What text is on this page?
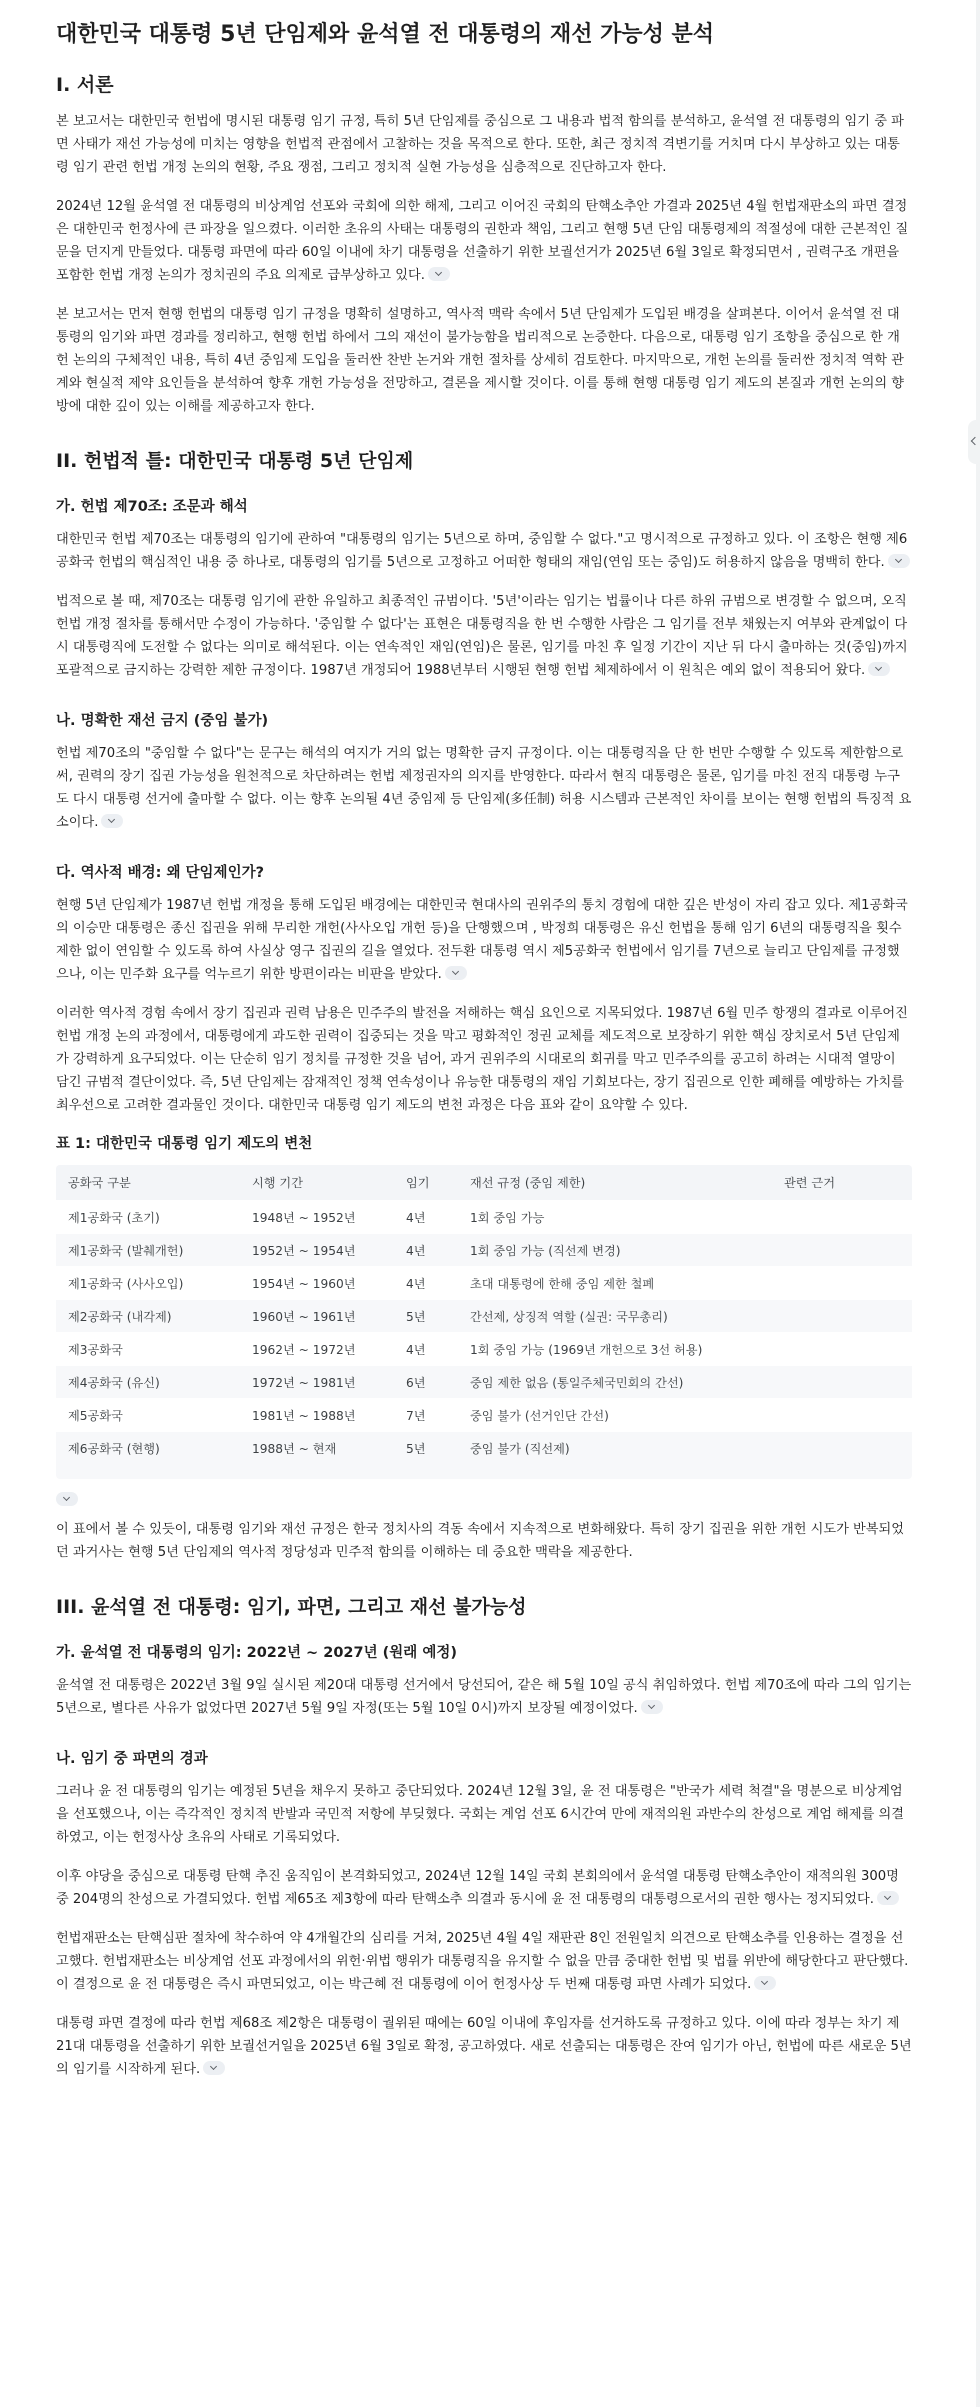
대한민국 대통령 5년 단임제와 윤석열 전 대통령의 재선 가능성 분석
I. 서론

본 보고서는 대한민국 헌법에 명시된 대통령 임기 규정, 특히 5년 단임제를 중심으로 그 내용과 법적 함의를 분석하고, 윤석열 전 대통령의 임기 중 파면 사태가 재선 가능성에 미치는 영향을 헌법적 관점에서 고찰하는 것을 목적으로 한다. 또한, 최근 정치적 격변기를 거치며 다시 부상하고 있는 대통령 임기 관련 헌법 개정 논의의 현황, 주요 쟁점, 그리고 정치적 실현 가능성을 심층적으로 진단하고자 한다.

2024년 12월 윤석열 전 대통령의 비상계엄 선포와 국회에 의한 해제, 그리고 이어진 국회의 탄핵소추안 가결과 2025년 4월 헌법재판소의 파면 결정은 대한민국 헌정사에 큰 파장을 일으켰다. 이러한 초유의 사태는 대통령의 권한과 책임, 그리고 현행 5년 단임 대통령제의 적절성에 대한 근본적인 질문을 던지게 만들었다. 대통령 파면에 따라 60일 이내에 차기 대통령을 선출하기 위한 보궐선거가 2025년 6월 3일로 확정되면서 , 권력구조 개편을 포함한 헌법 개정 논의가 정치권의 주요 의제로 급부상하고 있다.

본 보고서는 먼저 현행 헌법의 대통령 임기 규정을 명확히 설명하고, 역사적 맥락 속에서 5년 단임제가 도입된 배경을 살펴본다. 이어서 윤석열 전 대통령의 임기와 파면 경과를 정리하고, 현행 헌법 하에서 그의 재선이 불가능함을 법리적으로 논증한다. 다음으로, 대통령 임기 조항을 중심으로 한 개헌 논의의 구체적인 내용, 특히 4년 중임제 도입을 둘러싼 찬반 논거와 개헌 절차를 상세히 검토한다. 마지막으로, 개헌 논의를 둘러싼 정치적 역학 관계와 현실적 제약 요인들을 분석하여 향후 개헌 가능성을 전망하고, 결론을 제시할 것이다. 이를 통해 현행 대통령 임기 제도의 본질과 개헌 논의의 향방에 대한 깊이 있는 이해를 제공하고자 한다.

II. 헌법적 틀: 대한민국 대통령 5년 단임제
가. 헌법 제70조: 조문과 해석

대한민국 헌법 제70조는 대통령의 임기에 관하여 "대통령의 임기는 5년으로 하며, 중임할 수 없다."고 명시적으로 규정하고 있다. 이 조항은 현행 제6공화국 헌법의 핵심적인 내용 중 하나로, 대통령의 임기를 5년으로 고정하고 어떠한 형태의 재임(연임 또는 중임)도 허용하지 않음을 명백히 한다.

법적으로 볼 때, 제70조는 대통령 임기에 관한 유일하고 최종적인 규범이다. '5년'이라는 임기는 법률이나 다른 하위 규범으로 변경할 수 없으며, 오직 헌법 개정 절차를 통해서만 수정이 가능하다. '중임할 수 없다'는 표현은 대통령직을 한 번 수행한 사람은 그 임기를 전부 채웠는지 여부와 관계없이 다시 대통령직에 도전할 수 없다는 의미로 해석된다. 이는 연속적인 재임(연임)은 물론, 임기를 마친 후 일정 기간이 지난 뒤 다시 출마하는 것(중임)까지 포괄적으로 금지하는 강력한 제한 규정이다. 1987년 개정되어 1988년부터 시행된 현행 헌법 체제하에서 이 원칙은 예외 없이 적용되어 왔다.

나. 명확한 재선 금지 (중임 불가)

헌법 제70조의 "중임할 수 없다"는 문구는 해석의 여지가 거의 없는 명확한 금지 규정이다. 이는 대통령직을 단 한 번만 수행할 수 있도록 제한함으로써, 권력의 장기 집권 가능성을 원천적으로 차단하려는 헌법 제정권자의 의지를 반영한다. 따라서 현직 대통령은 물론, 임기를 마친 전직 대통령 누구도 다시 대통령 선거에 출마할 수 없다. 이는 향후 논의될 4년 중임제 등 단임제(多任制) 허용 시스템과 근본적인 차이를 보이는 현행 헌법의 특징적 요소이다.

다. 역사적 배경: 왜 단임제인가?

현행 5년 단임제가 1987년 헌법 개정을 통해 도입된 배경에는 대한민국 현대사의 권위주의 통치 경험에 대한 깊은 반성이 자리 잡고 있다. 제1공화국의 이승만 대통령은 종신 집권을 위해 무리한 개헌(사사오입 개헌 등)을 단행했으며 , 박정희 대통령은 유신 헌법을 통해 임기 6년의 대통령직을 횟수 제한 없이 연임할 수 있도록 하여 사실상 영구 집권의 길을 열었다. 전두환 대통령 역시 제5공화국 헌법에서 임기를 7년으로 늘리고 단임제를 규정했으나, 이는 민주화 요구를 억누르기 위한 방편이라는 비판을 받았다.

이러한 역사적 경험 속에서 장기 집권과 권력 남용은 민주주의 발전을 저해하는 핵심 요인으로 지목되었다. 1987년 6월 민주 항쟁의 결과로 이루어진 헌법 개정 논의 과정에서, 대통령에게 과도한 권력이 집중되는 것을 막고 평화적인 정권 교체를 제도적으로 보장하기 위한 핵심 장치로서 5년 단임제가 강력하게 요구되었다. 이는 단순히 임기 정치를 규정한 것을 넘어, 과거 권위주의 시대로의 회귀를 막고 민주주의를 공고히 하려는 시대적 열망이 담긴 규범적 결단이었다. 즉, 5년 단임제는 잠재적인 정책 연속성이나 유능한 대통령의 재임 기회보다는, 장기 집권으로 인한 폐해를 예방하는 가치를 최우선으로 고려한 결과물인 것이다. 대한민국 대통령 임기 제도의 변천 과정은 다음 표와 같이 요약할 수 있다.

표 1: 대한민국 대통령 임기 제도의 변천
공화국 구분	시행 기간	임기	재선 규정 (중임 제한)	관련 근거
제1공화국 (초기)	1948년 ~ 1952년	4년	1회 중임 가능	
제1공화국 (발췌개헌)	1952년 ~ 1954년	4년	1회 중임 가능 (직선제 변경)	
제1공화국 (사사오입)	1954년 ~ 1960년	4년	초대 대통령에 한해 중임 제한 철폐	
제2공화국 (내각제)	1960년 ~ 1961년	5년	간선제, 상징적 역할 (실권: 국무총리)	
제3공화국	1962년 ~ 1972년	4년	1회 중임 가능 (1969년 개헌으로 3선 허용)	
제4공화국 (유신)	1972년 ~ 1981년	6년	중임 제한 없음 (통일주체국민회의 간선)	
제5공화국	1981년 ~ 1988년	7년	중임 불가 (선거인단 간선)	
제6공화국 (현행)	1988년 ~ 현재	5년	중임 불가 (직선제)	

이 표에서 볼 수 있듯이, 대통령 임기와 재선 규정은 한국 정치사의 격동 속에서 지속적으로 변화해왔다. 특히 장기 집권을 위한 개헌 시도가 반복되었던 과거사는 현행 5년 단임제의 역사적 정당성과 민주적 함의를 이해하는 데 중요한 맥락을 제공한다.

III. 윤석열 전 대통령: 임기, 파면, 그리고 재선 불가능성
가. 윤석열 전 대통령의 임기: 2022년 ~ 2027년 (원래 예정)

윤석열 전 대통령은 2022년 3월 9일 실시된 제20대 대통령 선거에서 당선되어, 같은 해 5월 10일 공식 취임하였다. 헌법 제70조에 따라 그의 임기는 5년으로, 별다른 사유가 없었다면 2027년 5월 9일 자정(또는 5월 10일 0시)까지 보장될 예정이었다.

나. 임기 중 파면의 경과

그러나 윤 전 대통령의 임기는 예정된 5년을 채우지 못하고 중단되었다. 2024년 12월 3일, 윤 전 대통령은 "반국가 세력 척결"을 명분으로 비상계엄을 선포했으나, 이는 즉각적인 정치적 반발과 국민적 저항에 부딪혔다. 국회는 계엄 선포 6시간여 만에 재적의원 과반수의 찬성으로 계엄 해제를 의결하였고, 이는 헌정사상 초유의 사태로 기록되었다.

이후 야당을 중심으로 대통령 탄핵 추진 움직임이 본격화되었고, 2024년 12월 14일 국회 본회의에서 윤석열 대통령 탄핵소추안이 재적의원 300명 중 204명의 찬성으로 가결되었다. 헌법 제65조 제3항에 따라 탄핵소추 의결과 동시에 윤 전 대통령의 대통령으로서의 권한 행사는 정지되었다.

헌법재판소는 탄핵심판 절차에 착수하여 약 4개월간의 심리를 거쳐, 2025년 4월 4일 재판관 8인 전원일치 의견으로 탄핵소추를 인용하는 결정을 선고했다. 헌법재판소는 비상계엄 선포 과정에서의 위헌·위법 행위가 대통령직을 유지할 수 없을 만큼 중대한 헌법 및 법률 위반에 해당한다고 판단했다. 이 결정으로 윤 전 대통령은 즉시 파면되었고, 이는 박근혜 전 대통령에 이어 헌정사상 두 번째 대통령 파면 사례가 되었다.

대통령 파면 결정에 따라 헌법 제68조 제2항은 대통령이 궐위된 때에는 60일 이내에 후임자를 선거하도록 규정하고 있다. 이에 따라 정부는 차기 제21대 대통령을 선출하기 위한 보궐선거일을 2025년 6월 3일로 확정, 공고하였다. 새로 선출되는 대통령은 잔여 임기가 아닌, 헌법에 따른 새로운 5년의 임기를 시작하게 된다.
